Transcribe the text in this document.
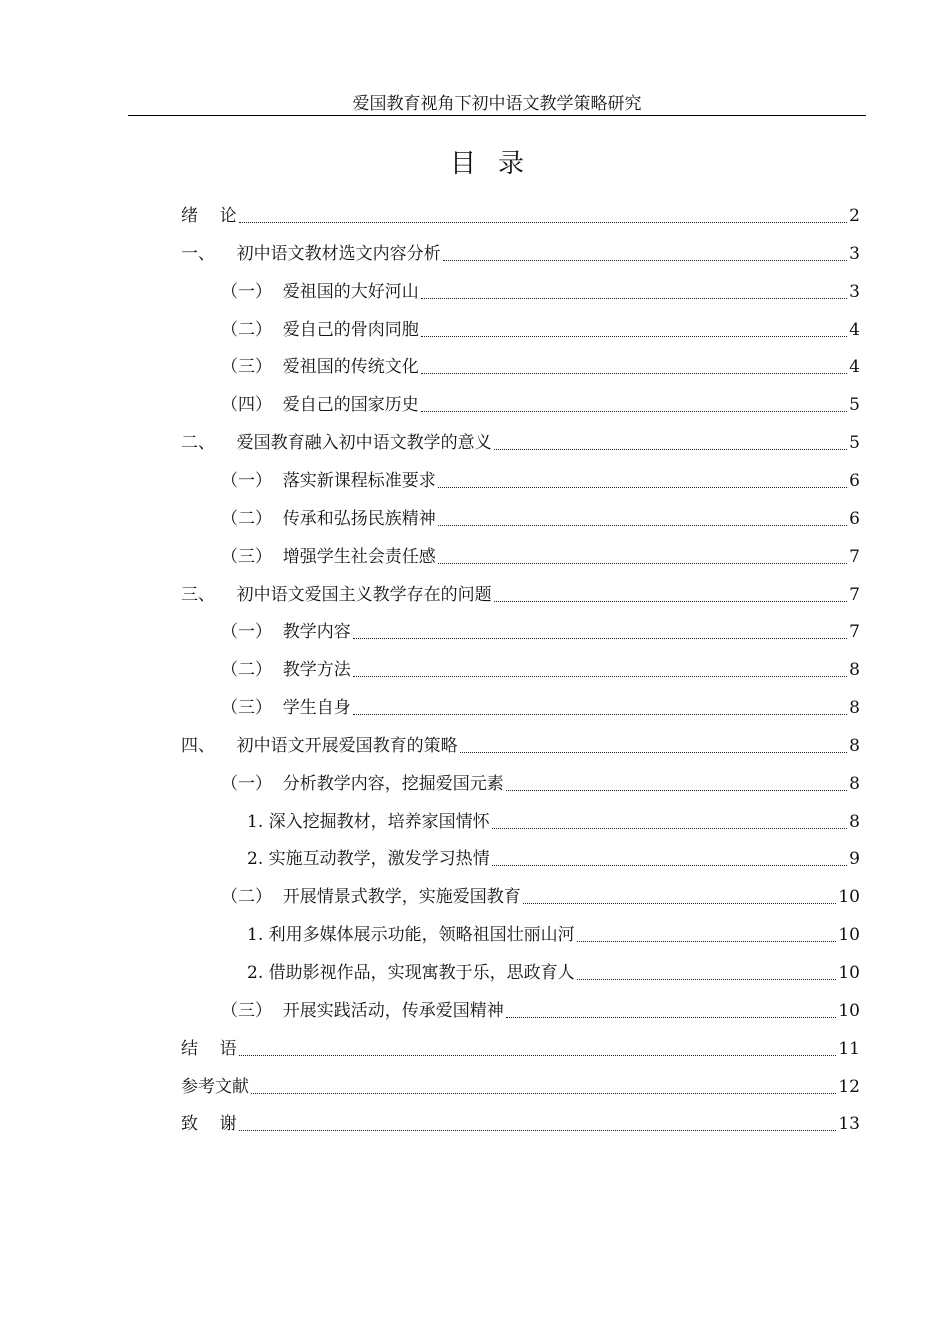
爱国教育视角下初中语文教学策略研究
目录
绪    论	2
一、    初中语文教材选文内容分析	3
（一）  爱祖国的大好河山	3
（二）  爱自己的骨肉同胞	4
（三）  爱祖国的传统文化	4
（四）  爱自己的国家历史	5
二、    爱国教育融入初中语文教学的意义	5
（一）  落实新课程标准要求	6
（二）  传承和弘扬民族精神	6
（三）  增强学生社会责任感	7
三、    初中语文爱国主义教学存在的问题	7
（一）  教学内容	7
（二）  教学方法	8
（三）  学生自身	8
四、    初中语文开展爱国教育的策略	8
（一）  分析教学内容，挖掘爱国元素	8
1. 深入挖掘教材，培养家国情怀	8
2. 实施互动教学，激发学习热情	9
（二）  开展情景式教学，实施爱国教育	10
1. 利用多媒体展示功能，领略祖国壮丽山河	10
2. 借助影视作品，实现寓教于乐，思政育人	10
（三）  开展实践活动，传承爱国精神	10
结    语	11
参考文献	12
致    谢	13
